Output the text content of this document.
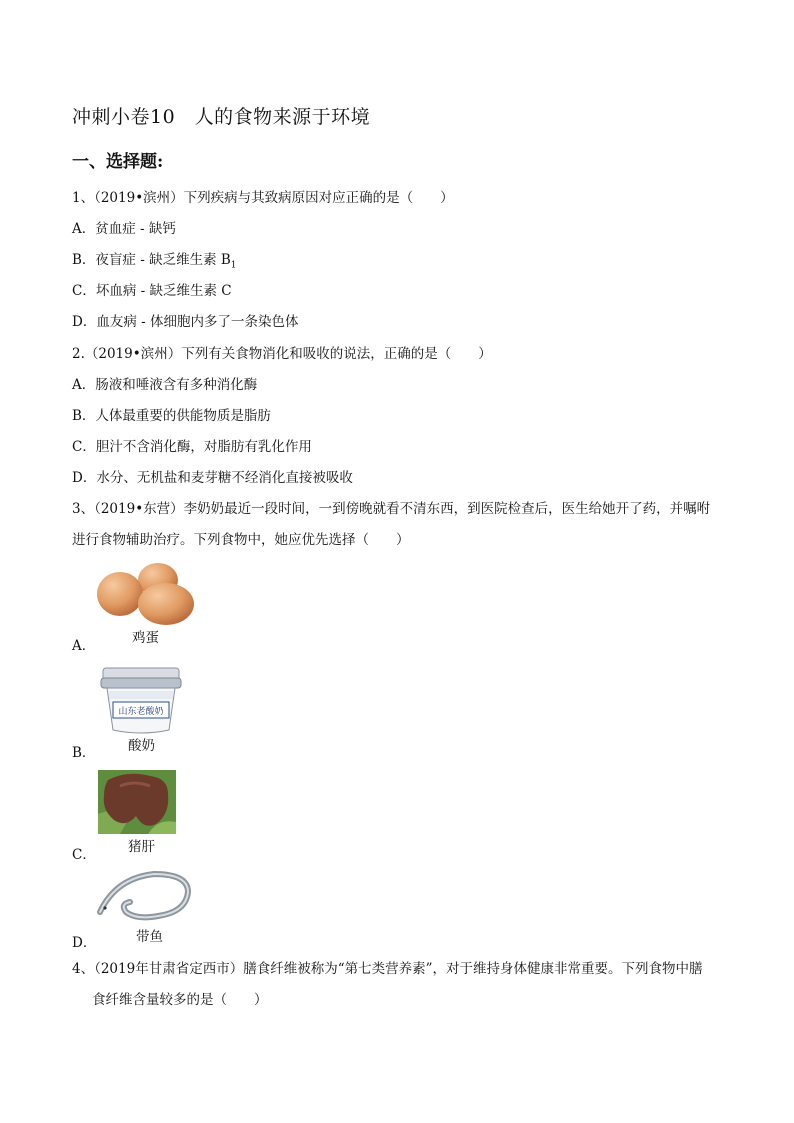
冲刺小卷10　人的食物来源于环境
一、选择题:
1、（2019•滨州）下列疾病与其致病原因对应正确的是（　　）
A．贫血症 - 缺钙
B．夜盲症 - 缺乏维生素 $B_1$
C．坏血病 - 缺乏维生素 C
D．血友病 - 体细胞内多了一条染色体
2.（2019•滨州）下列有关食物消化和吸收的说法，正确的是（　　）
A．肠液和唾液含有多种消化酶
B．人体最重要的供能物质是脂肪
C．胆汁不含消化酶，对脂肪有乳化作用
D．水分、无机盐和麦芽糖不经消化直接被吸收
3、（2019•东营）李奶奶最近一段时间，一到傍晚就看不清东西，到医院检查后，医生给她开了药，并嘱咐
进行食物辅助治疗。下列食物中，她应优先选择（　　）
A．	鸡蛋
山东老酸奶
B． 酸奶
C． 猪肝
D．	带鱼
4、（2019年甘肃省定西市）膳食纤维被称为“第七类营养素”，对于维持身体健康非常重要。下列食物中膳
食纤维含量较多的是（　　）
